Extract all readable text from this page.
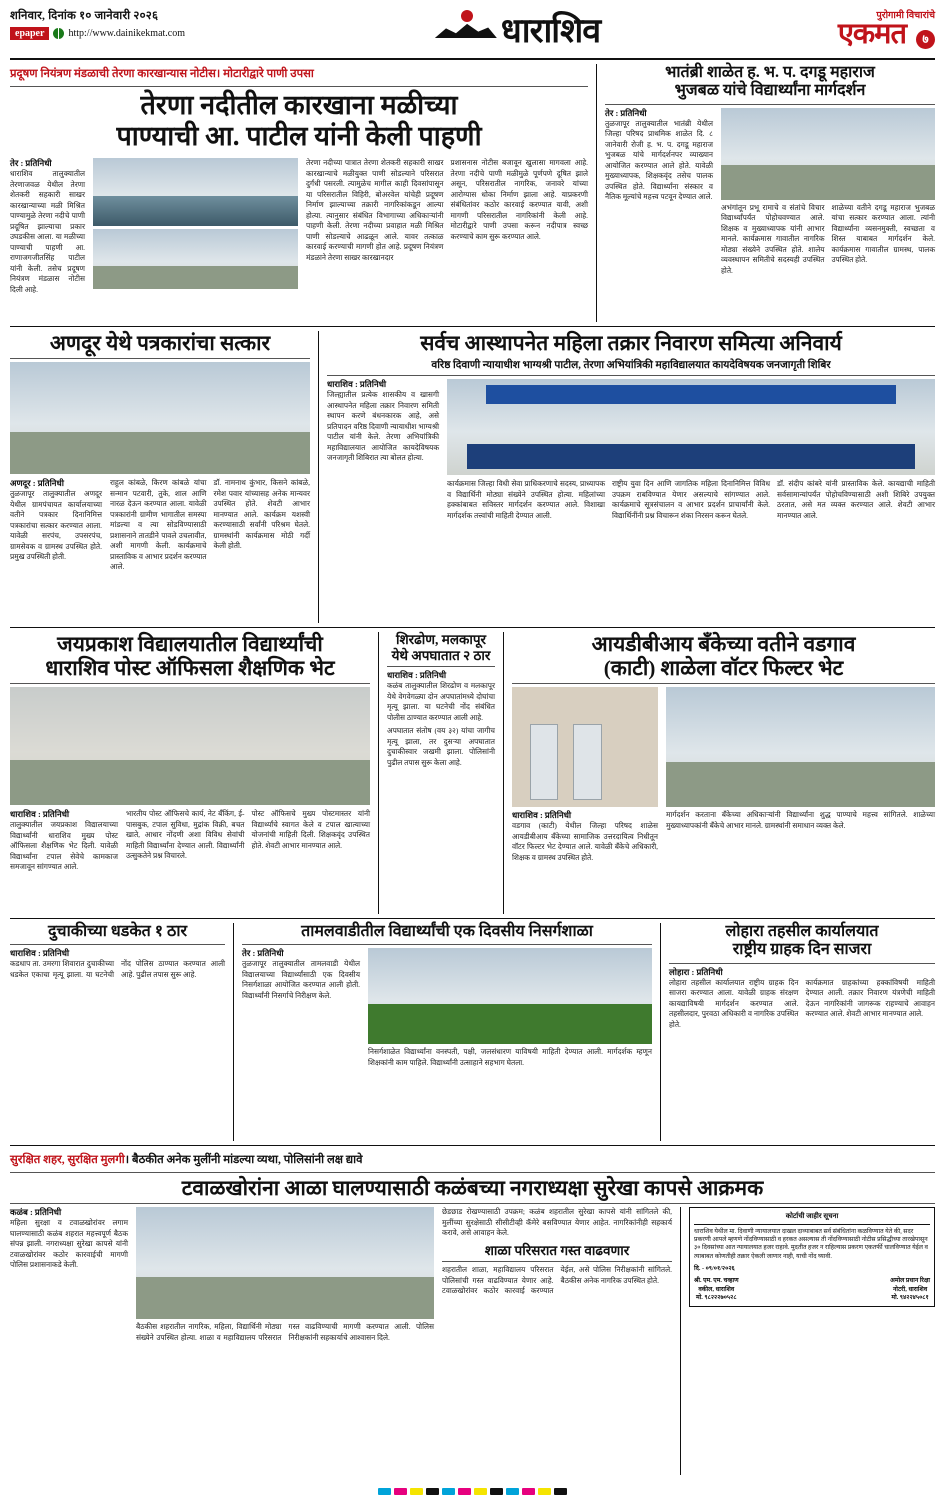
शनिवार, दिनांक १० जानेवारी २०२६
epaper	http://www.dainikekmat.com	धाराशिव	पुरोगामी विचारांचे
एकमत ७
प्रदूषण नियंत्रण मंडळाची तेरणा कारखान्यास नोटीस। मोटारीद्वारे पाणी उपसा
तेरणा नदीतील कारखाना मळीच्या
पाण्याची आ. पाटील यांनी केली पाहणी
तेर : प्रतिनिधी
धाराशिव तालुक्यातील तेरणाजवळ येथील तेरणा शेतकरी सहकारी साखर कारखान्याच्या मळी मिश्रित पाण्यामुळे तेरणा नदीचे पाणी प्रदूषित झाल्याचा प्रकार उघडकीस आला. या मळीच्या पाण्याची पाहणी आ. राणाजगजीतसिंह पाटील यांनी केली. तसेच प्रदूषण नियंत्रण मंडळास नोटीस दिली आहे.
तेरणा नदीच्या पात्रात तेरणा शेतकरी सहकारी साखर कारखान्याचे मळीयुक्त पाणी सोडल्याने परिसरात दुर्गंधी पसरली. त्यामुळेच मागील काही दिवसांपासून या परिसरातील विहिरी, बोअरवेल यांचेही प्रदूषण निर्माण झाल्याच्या तक्रारी नागरिकांकडून आल्या होत्या. त्यानुसार संबंधित विभागाच्या अधिकाऱ्यांनी पाहणी केली. तेरणा नदीच्या प्रवाहात मळी मिश्रित पाणी सोडल्याचे आढळून आले. यावर तत्काळ कारवाई करण्याची मागणी होत आहे. प्रदूषण नियंत्रण मंडळाने तेरणा साखर कारखानदार
प्रशासनास नोटीस बजावून खुलासा मागवला आहे. तेरणा नदीचे पाणी मळीमुळे पूर्णपणे दूषित झाले असून, परिसरातील नागरिक, जनावरे यांच्या आरोग्यास धोका निर्माण झाला आहे. याप्रकरणी संबंधितांवर कठोर कारवाई करण्यात यावी, अशी मागणी परिसरातील नागरिकांनी केली आहे. मोटारीद्वारे पाणी उपसा करून नदीपात्र स्वच्छ करण्याचे काम सुरू करण्यात आले.
भातंब्री शाळेत ह. भ. प. दगडू महाराज
भुजबळ यांचे विद्यार्थ्यांना मार्गदर्शन
तेर : प्रतिनिधी
तुळजापूर तालुक्यातील भातंब्री येथील जिल्हा परिषद प्राथमिक शाळेत दि. ८ जानेवारी रोजी ह. भ. प. दगडू महाराज भुजबळ यांचे मार्गदर्शनपर व्याख्यान आयोजित करण्यात आले होते. यावेळी मुख्याध्यापक, शिक्षकवृंद तसेच पालक उपस्थित होते. विद्यार्थ्यांना संस्कार व नैतिक मूल्यांचे महत्त्व पटवून देण्यात आले.
अभंगांतून प्रभू रामाचे व संतांचे विचार विद्यार्थ्यांपर्यंत पोहोचवण्यात आले. शिक्षक व मुख्याध्यापक यांनी आभार मानले. कार्यक्रमास गावातील नागरिक मोठ्या संख्येने उपस्थित होते. शालेय व्यवस्थापन समितीचे सदस्यही उपस्थित होते.
शाळेच्या वतीने दगडू महाराज भुजबळ यांचा सत्कार करण्यात आला. त्यांनी विद्यार्थ्यांना व्यसनमुक्ती, स्वच्छता व शिस्त याबाबत मार्गदर्शन केले. कार्यक्रमास गावातील ग्रामस्थ, पालक उपस्थित होते.
अणदूर येथे पत्रकारांचा सत्कार
अणदूर : प्रतिनिधी
तुळजापूर तालुक्यातील अणदूर येथील ग्रामपंचायत कार्यालयाच्या वतीने पत्रकार दिनानिमित्त पत्रकारांचा सत्कार करण्यात आला. यावेळी सरपंच, उपसरपंच, ग्रामसेवक व ग्रामस्थ उपस्थित होते. प्रमुख उपस्थिती होती.
राहुल कांबळे, किरण कांबळे यांचा सन्मान पटवारी, तुके, शाल आणि नारळ देऊन करण्यात आला. यावेळी पत्रकारांनी ग्रामीण भागातील समस्या मांडल्या व त्या सोडविण्यासाठी प्रशासनाने तातडीने पावले उचलावीत, अशी मागणी केली. कार्यक्रमाचे प्रास्ताविक व आभार प्रदर्शन करण्यात आले.
डॉ. नामनाथ कुंभार, किसने कांबळे, रमेश पवार यांच्यासह अनेक मान्यवर उपस्थित होते. शेवटी आभार मानण्यात आले. कार्यक्रम यशस्वी करण्यासाठी सर्वांनी परिश्रम घेतले. ग्रामस्थांनी कार्यक्रमास मोठी गर्दी केली होती.
सर्वच आस्थापनेत महिला तक्रार निवारण समित्या अनिवार्य
वरिष्ठ दिवाणी न्यायाधीश भाग्यश्री पाटील, तेरणा अभियांत्रिकी महाविद्यालयात कायदेविषयक जनजागृती शिबिर
धाराशिव : प्रतिनिधी
जिल्ह्यातील प्रत्येक शासकीय व खासगी आस्थापनेत महिला तक्रार निवारण समिती स्थापन करणे बंधनकारक आहे, असे प्रतिपादन वरिष्ठ दिवाणी न्यायाधीश भाग्यश्री पाटील यांनी केले. तेरणा अभियांत्रिकी महाविद्यालयात आयोजित कायदेविषयक जनजागृती शिबिरात त्या बोलत होत्या.
कार्यक्रमास जिल्हा विधी सेवा प्राधिकरणाचे सदस्य, प्राध्यापक व विद्यार्थिनी मोठ्या संख्येने उपस्थित होत्या. महिलांच्या हक्कांबाबत सविस्तर मार्गदर्शन करण्यात आले. विशाखा मार्गदर्शक तत्त्वांची माहिती देण्यात आली.
राष्ट्रीय युवा दिन आणि जागतिक महिला दिनानिमित्त विविध उपक्रम राबविण्यात येणार असल्याचे सांगण्यात आले. कार्यक्रमाचे सूत्रसंचालन व आभार प्रदर्शन प्राचार्यांनी केले. विद्यार्थिनींनी प्रश्न विचारून शंका निरसन करून घेतले.
डॉ. संदीप कांबरे यांनी प्रास्ताविक केले. कायद्याची माहिती सर्वसामान्यांपर्यंत पोहोचविण्यासाठी अशी शिबिरे उपयुक्त ठरतात, असे मत व्यक्त करण्यात आले. शेवटी आभार मानण्यात आले.
जयप्रकाश विद्यालयातील विद्यार्थ्यांची
धाराशिव पोस्ट ऑफिसला शैक्षणिक भेट
धाराशिव : प्रतिनिधी
तालुक्यातील जयप्रकाश विद्यालयाच्या विद्यार्थ्यांनी धाराशिव मुख्य पोस्ट ऑफिसला शैक्षणिक भेट दिली. यावेळी विद्यार्थ्यांना टपाल सेवेचे कामकाज समजावून सांगण्यात आले.
भारतीय पोस्ट ऑफिसचे कार्य, नेट बँकिंग, ई-पासबुक, टपाल सुविधा, मुद्रांक विक्री, बचत खाते, आधार नोंदणी अशा विविध सेवांची माहिती विद्यार्थ्यांना देण्यात आली. विद्यार्थ्यांनी उत्सुकतेने प्रश्न विचारले.
पोस्ट ऑफिसचे मुख्य पोस्टमास्तर यांनी विद्यार्थ्यांचे स्वागत केले व टपाल खात्याच्या योजनांची माहिती दिली. शिक्षकवृंद उपस्थित होते. शेवटी आभार मानण्यात आले.
शिरढोण, मलकापूर
येथे अपघातात २ ठार
धाराशिव : प्रतिनिधी
कळंब तालुक्यातील शिरढोण व मलकापूर येथे वेगवेगळ्या दोन अपघातांमध्ये दोघांचा मृत्यू झाला. या घटनेची नोंद संबंधित पोलीस ठाण्यात करण्यात आली आहे.
अपघातात संतोष (वय ३२) यांचा जागीच मृत्यू झाला, तर दुसऱ्या अपघातात दुचाकीस्वार जखमी झाला. पोलिसांनी पुढील तपास सुरू केला आहे.
आयडीबीआय बँकेच्या वतीने वडगाव
(काटी) शाळेला वॉटर फिल्टर भेट
धाराशिव : प्रतिनिधी
वडगाव (काटी) येथील जिल्हा परिषद शाळेस आयडीबीआय बँकेच्या सामाजिक उत्तरदायित्व निधीतून वॉटर फिल्टर भेट देण्यात आले. यावेळी बँकेचे अधिकारी, शिक्षक व ग्रामस्थ उपस्थित होते.
मार्गदर्शन करताना बँकेच्या अधिकाऱ्यांनी विद्यार्थ्यांना शुद्ध पाण्याचे महत्त्व सांगितले. शाळेच्या मुख्याध्यापकांनी बँकेचे आभार मानले. ग्रामस्थांनी समाधान व्यक्त केले.
दुचाकीच्या धडकेत १ ठार
धाराशिव : प्रतिनिधी
कडधाप ता. उमरगा शिवारात दुचाकीच्या धडकेत एकाचा मृत्यू झाला. या घटनेची नोंद पोलिस ठाण्यात करण्यात आली आहे. पुढील तपास सुरू आहे.
तामलवाडीतील विद्यार्थ्यांची एक दिवसीय निसर्गशाळा
तेर : प्रतिनिधी
तुळजापूर तालुक्यातील तामलवाडी येथील विद्यालयाच्या विद्यार्थ्यांसाठी एक दिवसीय निसर्गशाळा आयोजित करण्यात आली होती. विद्यार्थ्यांनी निसर्गाचे निरीक्षण केले.
निसर्गशाळेत विद्यार्थ्यांना वनस्पती, पक्षी, जलसंधारण याविषयी माहिती देण्यात आली. मार्गदर्शक म्हणून शिक्षकांनी काम पाहिले. विद्यार्थ्यांनी उत्साहाने सहभाग घेतला.
लोहारा तहसील कार्यालयात
राष्ट्रीय ग्राहक दिन साजरा
लोहारा : प्रतिनिधी
लोहारा तहसील कार्यालयात राष्ट्रीय ग्राहक दिन साजरा करण्यात आला. यावेळी ग्राहक संरक्षण कायद्याविषयी मार्गदर्शन करण्यात आले. तहसीलदार, पुरवठा अधिकारी व नागरिक उपस्थित होते.
कार्यक्रमात ग्राहकांच्या हक्कांविषयी माहिती देण्यात आली. तक्रार निवारण यंत्रणेची माहिती देऊन नागरिकांनी जागरूक राहण्याचे आवाहन करण्यात आले. शेवटी आभार मानण्यात आले.
सुरक्षित शहर, सुरक्षित मुलगी। बैठकीत अनेक मुलींनी मांडल्या व्यथा, पोलिसांनी लक्ष द्यावे
टवाळखोरांना आळा घालण्यासाठी कळंबच्या नगराध्यक्षा सुरेखा कापसे आक्रमक
कळंब : प्रतिनिधी
महिला सुरक्षा व टवाळखोरांवर लगाम घालण्यासाठी कळंब शहरात महत्त्वपूर्ण बैठक संपन्न झाली. नगराध्यक्षा सुरेखा कापसे यांनी टवाळखोरांवर कठोर कारवाईची मागणी पोलिस प्रशासनाकडे केली.
बैठकीस शहरातील नागरिक, महिला, विद्यार्थिनी मोठ्या संख्येने उपस्थित होत्या. शाळा व महाविद्यालय परिसरात गस्त वाढविण्याची मागणी करण्यात आली. पोलिस निरीक्षकांनी सहकार्याचे आश्वासन दिले.
छेडछाड रोखण्यासाठी उपक्रम; कळंब शहरातील सुरेखा कापसे यांनी सांगितले की, मुलींच्या सुरक्षेसाठी सीसीटीव्ही कॅमेरे बसविण्यात येणार आहेत. नागरिकांनीही सहकार्य करावे, असे आवाहन केले.
शाळा परिसरात गस्त वाढवणार
शहरातील शाळा, महाविद्यालय परिसरात पोलिसांची गस्त वाढविण्यात येणार आहे. टवाळखोरांवर कठोर कारवाई करण्यात येईल, असे पोलिस निरीक्षकांनी सांगितले. बैठकीस अनेक नागरिक उपस्थित होते.
कोर्टाची जाहीर सूचना
धाराशिव येथील मा. दिवाणी न्यायालयात दाखल दाव्याबाबत सर्व संबंधितांना कळविण्यात येते की, सदर प्रकरणी आपले म्हणणे नोंदविण्यासाठी व हरकत असल्यास ती नोंदविण्यासाठी नोटीस प्रसिद्धीच्या तारखेपासून ३० दिवसांच्या आत न्यायालयात हजर राहावे. मुदतीत हजर न राहिल्यास प्रकरण एकतर्फी चालविण्यात येईल व त्याबाबत कोणतीही तक्रार ऐकली जाणार नाही, याची नोंद घ्यावी.
दि. - ०९/०१/२०२६
श्री. एम. एम. चव्हाण
वकील, धाराशिव
मो. ९८२२२७०५२८
अमोल प्रधान रिक्षा
नोटरी, धाराशिव
मो. ९४२२४५०८१
